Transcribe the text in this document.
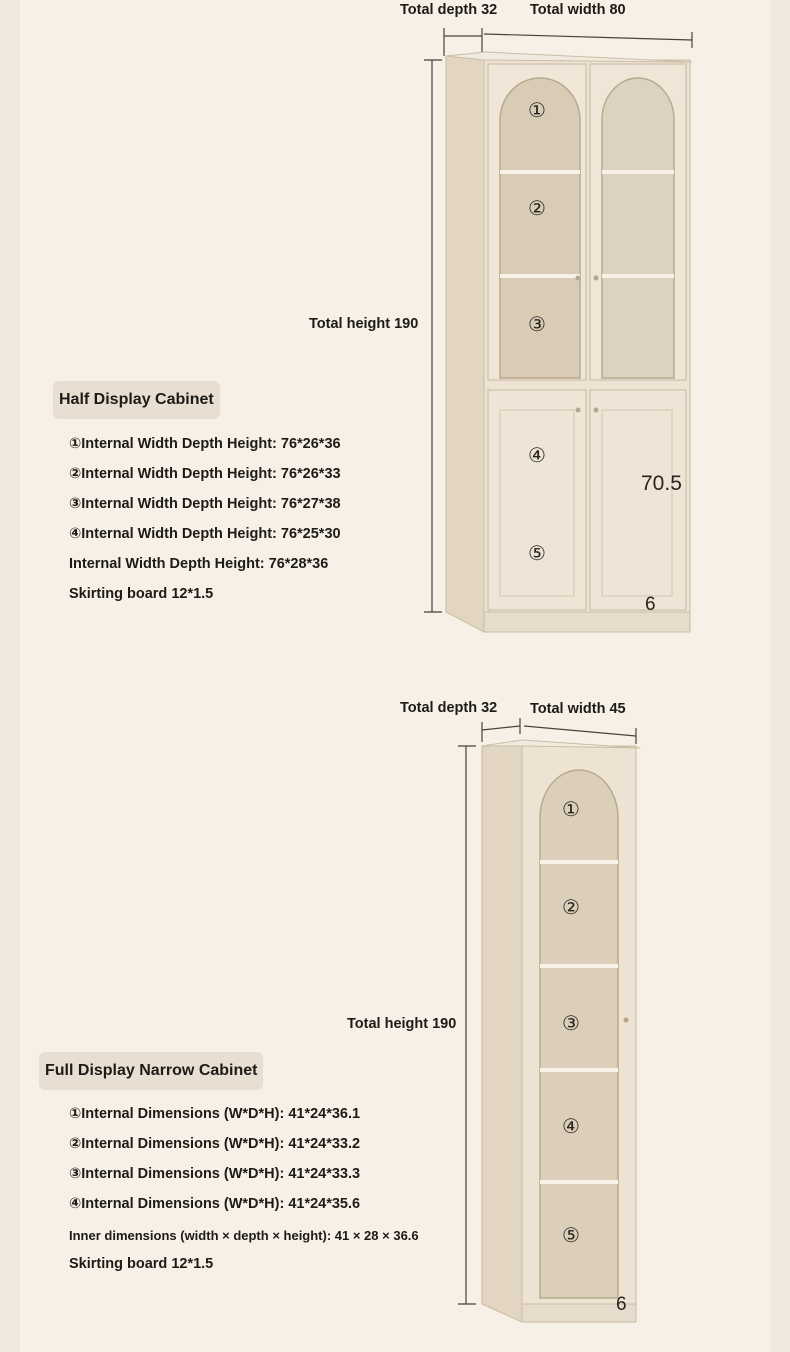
Total depth 32 Total width 80
Total height 190
70.5
6
①
②
③
④
⑤
Half Display Cabinet
①Internal Width Depth Height: 76*26*36
②Internal Width Depth Height: 76*26*33
③Internal Width Depth Height: 76*27*38
④Internal Width Depth Height: 76*25*30
Internal Width Depth Height: 76*28*36
Skirting board 12*1.5
Total depth 32 Total width 45
Total height 190
6
①
②
③
④
⑤
Full Display Narrow Cabinet
①Internal Dimensions (W*D*H): 41*24*36.1
②Internal Dimensions (W*D*H): 41*24*33.2
③Internal Dimensions (W*D*H): 41*24*33.3
④Internal Dimensions (W*D*H): 41*24*35.6
Inner dimensions (width × depth × height): 41 × 28 × 36.6
Skirting board 12*1.5
